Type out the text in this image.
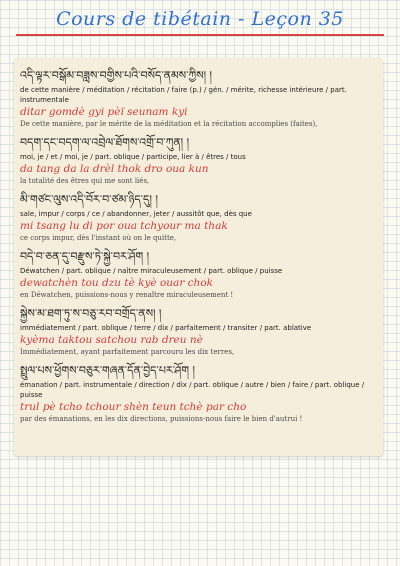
Cours de tibétain - Leçon 35
འདི་ལྟར་བསྒོམ་བཟླས་བགྱིས་པའི་བསོད་ནམས་ཀྱིས། །
de cette manière / méditation / récitation / faire (p.) / gén. / mérite, richesse intérieure / part. instrumentale
ditar gomdè gyi pèï seunam kyi
De cette manière, par le mérite de la méditation et la récitation accomplies (faites),
བདག་དང་བདག་ལ་འབྲེལ་ཐོགས་འགྲོ་བ་ཀུན། །
moi, je / et / moi, je / part. oblique / participe, lier à / êtres / tous
da tang da la drèl thok dro oua kun
la totalité des êtres qui me sont liés,
མི་གཙང་ལུས་འདི་བོར་བ་ཙམ་ཉིད་དུ། །
sale, impur / corps / ce / abandonner, jeter / aussitôt que, dès que
mi tsang lu di por oua tchyour ma thak
ce corps impur, dès l'instant où on le quitte,
བདེ་བ་ཅན་དུ་བརྫུས་ཏེ་སྐྱེ་བར་ཤོག །
Déwatchen / part. oblique / naître miraculeusement / part. oblique / puisse
dewatchèn tou dzu tè kyè ouar chok
en Déwatchen, puissions-nous y renaître miraculeusement !
སྐྱེས་མ་ཐག་ཏུ་ས་བཅུ་རབ་བགྲོད་ནས། །
immédiatement / part. oblique / terre / dix / parfaitement / transiter / part. ablative
kyèma taktou satchou rab dreu nè
Immédiatement, ayant parfaitement parcouru les dix terres,
སྤྲུལ་པས་ཕྱོགས་བཅུར་གཞན་དོན་བྱེད་པར་ཤོག །
émanation / part. instrumentale / direction / dix / part. oblique / autre / bien / faire / part. oblique / puisse
trul pè tcho tchour shèn teun tchè par cho
par des émanations, en les dix directions, puissions-nous faire le bien d'autrui !
